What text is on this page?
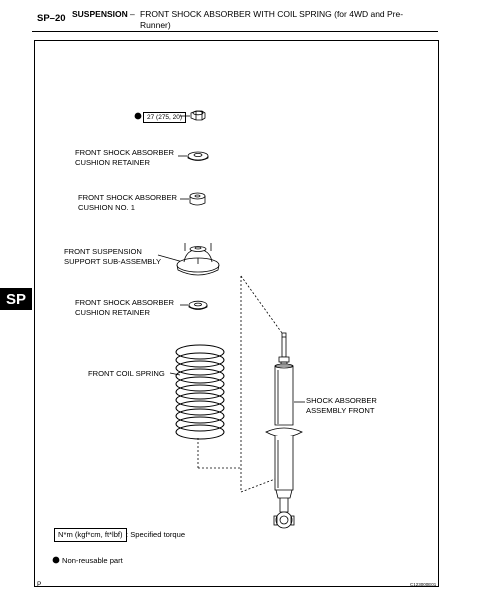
SP–20 SUSPENSION – FRONT SHOCK ABSORBER WITH COIL SPRING (for 4WD and Pre-Runner)
SP
27 (275, 20)
FRONT SHOCK ABSORBER
CUSHION RETAINER
FRONT SHOCK ABSORBER
CUSHION NO. 1
FRONT SUSPENSION
SUPPORT SUB-ASSEMBLY
FRONT SHOCK ABSORBER
CUSHION RETAINER
FRONT COIL SPRING
SHOCK ABSORBER
ASSEMBLY FRONT
N*m (kgf*cm, ft*lbf) : Specified torque
Non-reusable part
P	C123000E01
